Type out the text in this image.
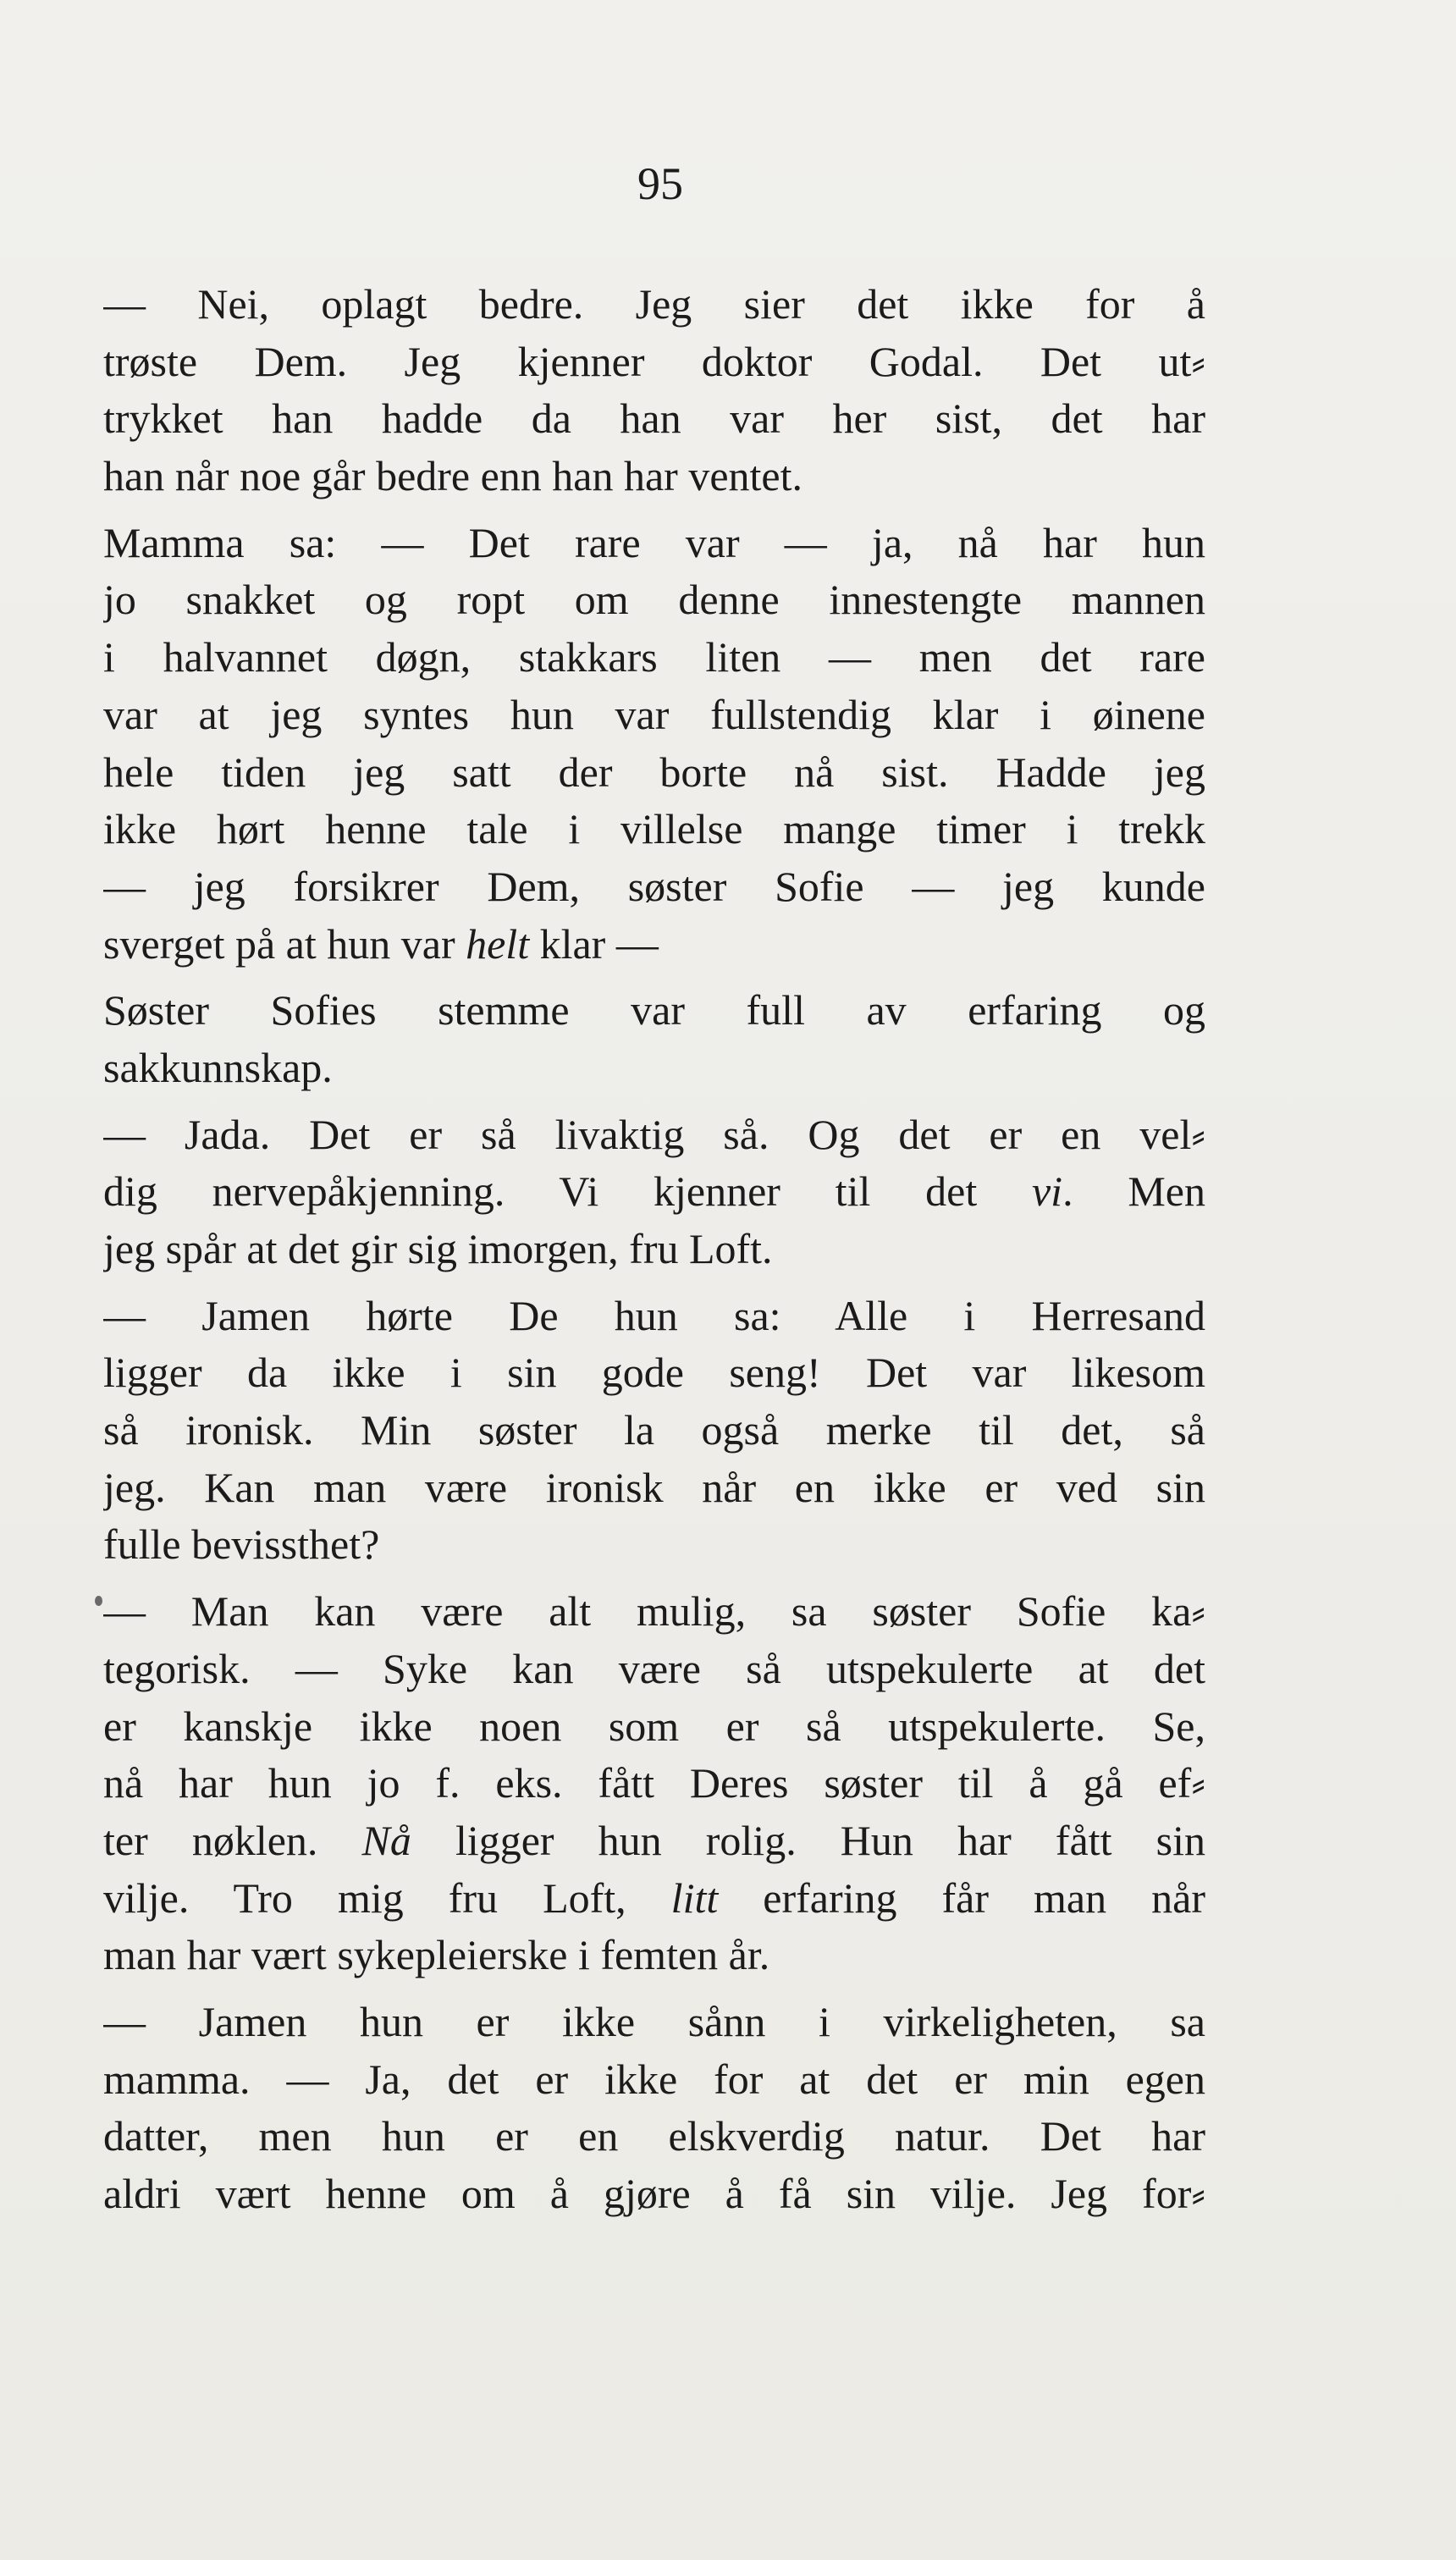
95
— Nei, oplagt bedre. Jeg sier det ikke for å
trøste Dem. Jeg kjenner doktor Godal. Det ut⸗
trykket han hadde da han var her sist, det har
han når noe går bedre enn han har ventet.
Mamma sa: — Det rare var — ja, nå har hun
jo snakket og ropt om denne innestengte mannen
i halvannet døgn, stakkars liten — men det rare
var at jeg syntes hun var fullstendig klar i øinene
hele tiden jeg satt der borte nå sist. Hadde jeg
ikke hørt henne tale i villelse mange timer i trekk
— jeg forsikrer Dem, søster Sofie — jeg kunde
sverget på at hun var helt klar —
Søster Sofies stemme var full av erfaring og
sakkunnskap.
— Jada. Det er så livaktig så. Og det er en vel⸗
dig nervepåkjenning. Vi kjenner til det vi. Men
jeg spår at det gir sig imorgen, fru Loft.
— Jamen hørte De hun sa: Alle i Herresand
ligger da ikke i sin gode seng! Det var likesom
så ironisk. Min søster la også merke til det, så
jeg. Kan man være ironisk når en ikke er ved sin
fulle bevissthet?
— Man kan være alt mulig, sa søster Sofie ka⸗
tegorisk. — Syke kan være så utspekulerte at det
er kanskje ikke noen som er så utspekulerte. Se,
nå har hun jo f. eks. fått Deres søster til å gå ef⸗
ter nøklen. Nå ligger hun rolig. Hun har fått sin
vilje. Tro mig fru Loft, litt erfaring får man når
man har vært sykepleierske i femten år.
— Jamen hun er ikke sånn i virkeligheten, sa
mamma. — Ja, det er ikke for at det er min egen
datter, men hun er en elskverdig natur. Det har
aldri vært henne om å gjøre å få sin vilje. Jeg for⸗
